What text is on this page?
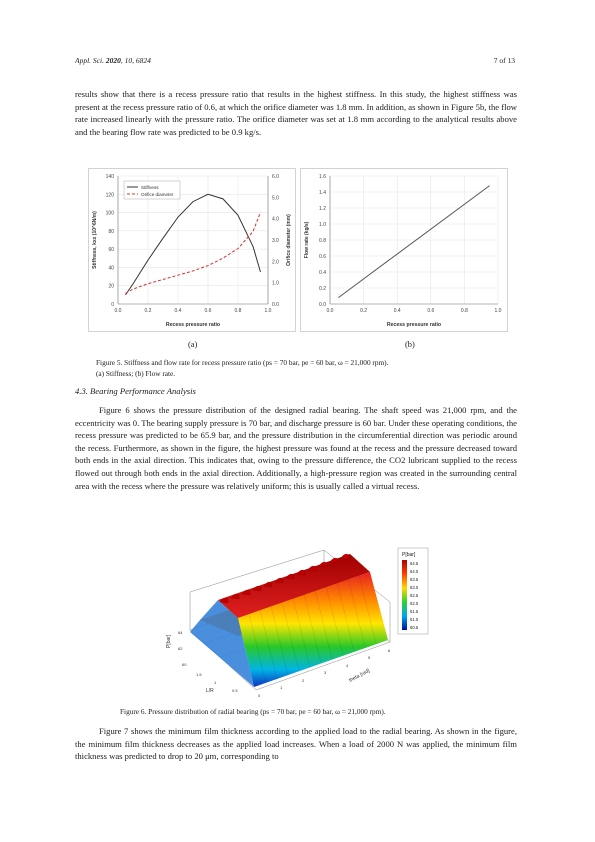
Appl. Sci. 2020, 10, 6824	7 of 13

results show that there is a recess pressure ratio that results in the highest stiffness. In this study, the highest stiffness was present at the recess pressure ratio of 0.6, at which the orifice diameter was 1.8 mm. In addition, as shown in Figure 5b, the flow rate increased linearly with the pressure ratio. The orifice diameter was set at 1.8 mm according to the analytical results above and the bearing flow rate was predicted to be 0.9 kg/s.

0
20
40
60
80
100
120
140
0.0	0.2	0.4	0.6	0.8	1.0
Recess pressure ratio
Stiffness, kxx (10^6N/m)
0.0
1.0
2.0
3.0
4.0
5.0
6.0
Orifice diameter (mm)
Stiffness
Orifice diameter
0.0
0.2
0.4
0.6
0.8
1.0
1.2
1.4
1.6
0.0	0.2	0.4	0.6	0.8	1.0
Recess pressure ratio
Flow rate (kg/s)
(a)	(b)
Figure 5. Stiffness and flow rate for recess pressure ratio (ps = 70 bar, pe = 60 bar, ω = 21,000 rpm).
(a) Stiffness; (b) Flow rate.
4.3. Bearing Performance Analysis

Figure 6 shows the pressure distribution of the designed radial bearing. The shaft speed was 21,000 rpm, and the eccentricity was 0. The bearing supply pressure is 70 bar, and discharge pressure is 60 bar. Under these operating conditions, the recess pressure was predicted to be 65.9 bar, and the pressure distribution in the circumferential direction was periodic around the recess. Furthermore, as shown in the figure, the highest pressure was found at the recess and the pressure decreased toward both ends in the axial direction. This indicates that, owing to the pressure difference, the CO2 lubricant supplied to the recess flowed out through both ends in the axial direction. Additionally, a high-pressure region was created in the surrounding central area with the recess where the pressure was relatively uniform; this is usually called a virtual recess.

64
62
60
P[bar]
1.5
1
0.5
L/R
0
1
2
3
4
5
6
theta [rad]
P[bar]
64.5
64.0
63.5
63.0
62.5
62.0
61.5
61.0
60.5
Figure 6. Pressure distribution of radial bearing (ps = 70 bar, pe = 60 bar, ω = 21,000 rpm).

Figure 7 shows the minimum film thickness according to the applied load to the radial bearing. As shown in the figure, the minimum film thickness decreases as the applied load increases. When a load of 2000 N was applied, the minimum film thickness was predicted to drop to 20 μm, corresponding to
